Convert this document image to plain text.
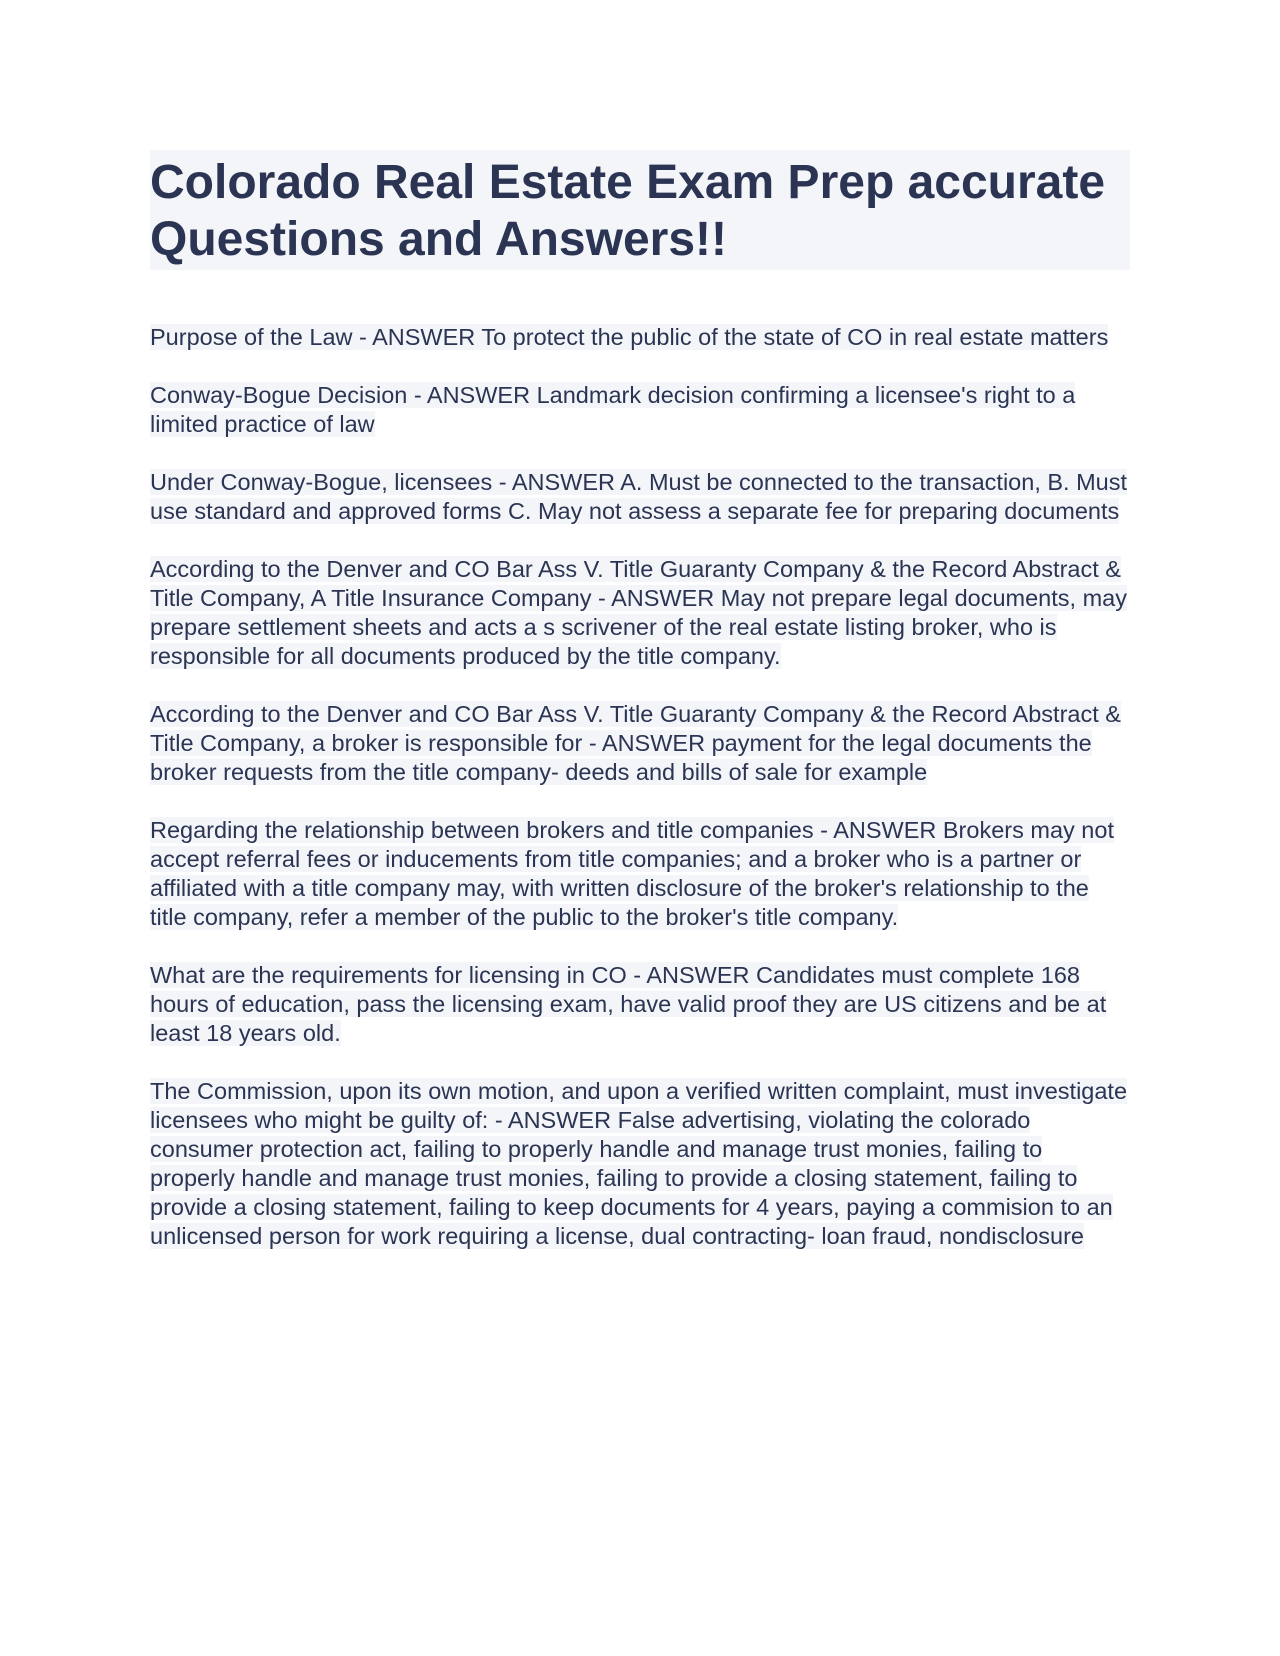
Colorado Real Estate Exam Prep accurate Questions and Answers!!

Purpose of the Law - ANSWER To protect the public of the state of CO in real estate matters

Conway-Bogue Decision - ANSWER Landmark decision confirming a licensee's right to a limited practice of law

Under Conway-Bogue, licensees - ANSWER A. Must be connected to the transaction, B. Must use standard and approved forms C. May not assess a separate fee for preparing documents

According to the Denver and CO Bar Ass V. Title Guaranty Company & the Record Abstract & Title Company, A Title Insurance Company - ANSWER May not prepare legal documents, may prepare settlement sheets and acts a s scrivener of the real estate listing broker, who is responsible for all documents produced by the title company.

According to the Denver and CO Bar Ass V. Title Guaranty Company & the Record Abstract & Title Company, a broker is responsible for - ANSWER payment for the legal documents the broker requests from the title company- deeds and bills of sale for example

Regarding the relationship between brokers and title companies - ANSWER Brokers may not accept referral fees or inducements from title companies; and a broker who is a partner or affiliated with a title company may, with written disclosure of the broker's relationship to the title company, refer a member of the public to the broker's title company.

What are the requirements for licensing in CO - ANSWER Candidates must complete 168 hours of education, pass the licensing exam, have valid proof they are US citizens and be at least 18 years old.

The Commission, upon its own motion, and upon a verified written complaint, must investigate licensees who might be guilty of: - ANSWER False advertising, violating the colorado consumer protection act, failing to properly handle and manage trust monies, failing to properly handle and manage trust monies, failing to provide a closing statement, failing to provide a closing statement, failing to keep documents for 4 years, paying a commision to an unlicensed person for work requiring a license, dual contracting- loan fraud, nondisclosure
